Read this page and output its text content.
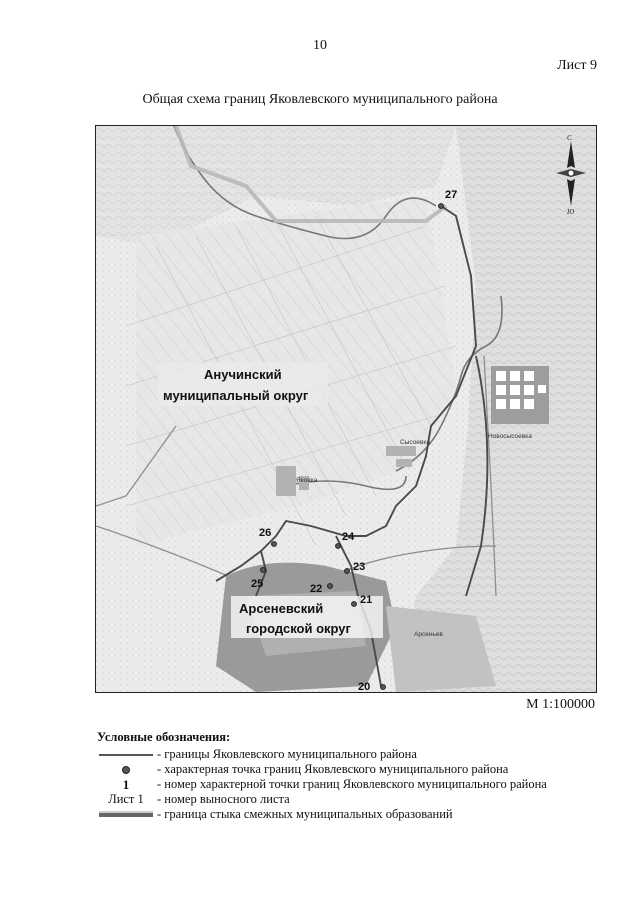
10
Лист 9
Общая схема границ Яковлевского муниципального района
С
Ю
Новосысоевка
Сысоевка
Яковка
Арсеньев
Анучинский
муниципальный округ
Арсеневский
городской округ
27
26
25
24
23
22
21
20
М 1:100000
Условные обозначения:
- границы Яковлевского муниципального района
- характерная точка границ Яковлевского муниципального района
1 - номер характерной точки границ Яковлевского муниципального района
Лист 1 - номер выносного листа
- граница стыка смежных муниципальных образований
